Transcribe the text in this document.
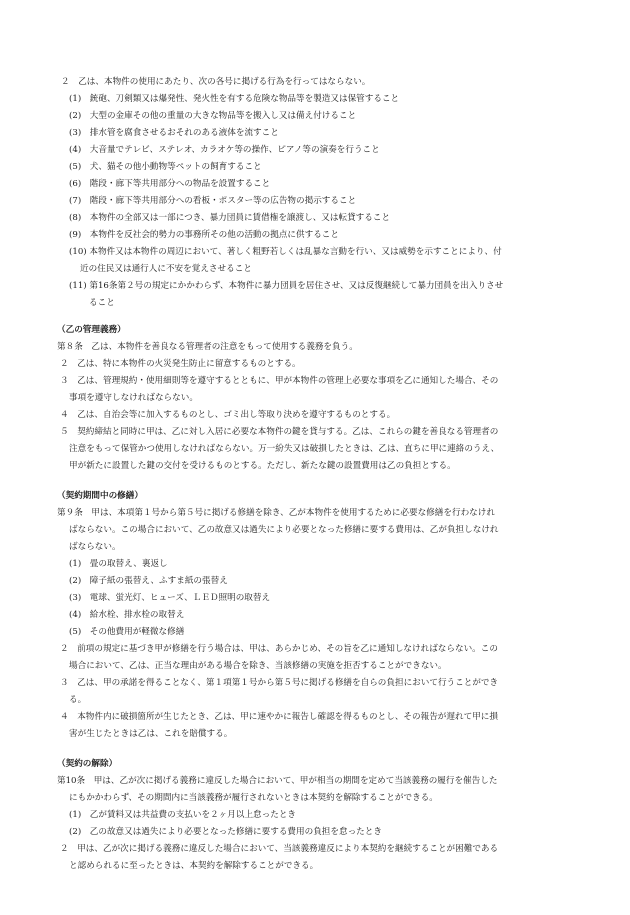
２　乙は、本物件の使用にあたり、次の各号に掲げる行為を行ってはならない。
(1)　銃砲、刀剣類又は爆発性、発火性を有する危険な物品等を製造又は保管すること
(2)　大型の金庫その他の重量の大きな物品等を搬入し又は備え付けること
(3)　排水管を腐食させるおそれのある液体を流すこと
(4)　大音量でテレビ、ステレオ、カラオケ等の操作、ピアノ等の演奏を行うこと
(5)　犬、猫その他小動物等ペットの飼育すること
(6)　階段・廊下等共用部分への物品を設置すること
(7)　階段・廊下等共用部分への看板・ポスター等の広告物の掲示すること
(8)　本物件の全部又は一部につき、暴力団員に賃借権を譲渡し、又は転貸すること
(9)　本物件を反社会的勢力の事務所その他の活動の拠点に供すること
(10) 本物件又は本物件の周辺において、著しく粗野若しくは乱暴な言動を行い、又は威勢を示すことにより、付
近の住民又は通行人に不安を覚えさせること
(11) 第16条第２号の規定にかかわらず、本物件に暴力団員を居住させ、又は反復継続して暴力団員を出入りさせ
ること
（乙の管理義務）
第８条　乙は、本物件を善良なる管理者の注意をもって使用する義務を負う。
２　乙は、特に本物件の火災発生防止に留意するものとする。
３　乙は、管理規約・使用細則等を遵守するとともに、甲が本物件の管理上必要な事項を乙に通知した場合、その
事項を遵守しなければならない。
４　乙は、自治会等に加入するものとし、ゴミ出し等取り決めを遵守するものとする。
５　契約締結と同時に甲は、乙に対し入居に必要な本物件の鍵を貸与する。乙は、これらの鍵を善良なる管理者の
注意をもって保管かつ使用しなければならない。万一紛失又は破損したときは、乙は、直ちに甲に連絡のうえ、
甲が新たに設置した鍵の交付を受けるものとする。ただし、新たな鍵の設置費用は乙の負担とする。
（契約期間中の修繕）
第９条　甲は、本項第１号から第５号に掲げる修繕を除き、乙が本物件を使用するために必要な修繕を行わなけれ
ばならない。この場合において、乙の故意又は過失により必要となった修繕に要する費用は、乙が負担しなけれ
ばならない。
(1)　畳の取替え、裏返し
(2)　障子紙の張替え、ふすま紙の張替え
(3)　電球、蛍光灯、ヒューズ、ＬＥＤ照明の取替え
(4)　給水栓、排水栓の取替え
(5)　その他費用が軽微な修繕
２　前項の規定に基づき甲が修繕を行う場合は、甲は、あらかじめ、その旨を乙に通知しなければならない。この
場合において、乙は、正当な理由がある場合を除き、当該修繕の実施を拒否することができない。
３　乙は、甲の承諾を得ることなく、第１項第１号から第５号に掲げる修繕を自らの負担において行うことができ
る。
４　本物件内に破損箇所が生じたとき、乙は、甲に速やかに報告し確認を得るものとし、その報告が遅れて甲に損
害が生じたときは乙は、これを賠償する。
（契約の解除）
第10条　甲は、乙が次に掲げる義務に違反した場合において、甲が相当の期間を定めて当該義務の履行を催告した
にもかかわらず、その期間内に当該義務が履行されないときは本契約を解除することができる。
(1)　乙が賃料又は共益費の支払いを２ヶ月以上怠ったとき
(2)　乙の故意又は過失により必要となった修繕に要する費用の負担を怠ったとき
２　甲は、乙が次に掲げる義務に違反した場合において、当該義務違反により本契約を継続することが困難である
と認められるに至ったときは、本契約を解除することができる。
